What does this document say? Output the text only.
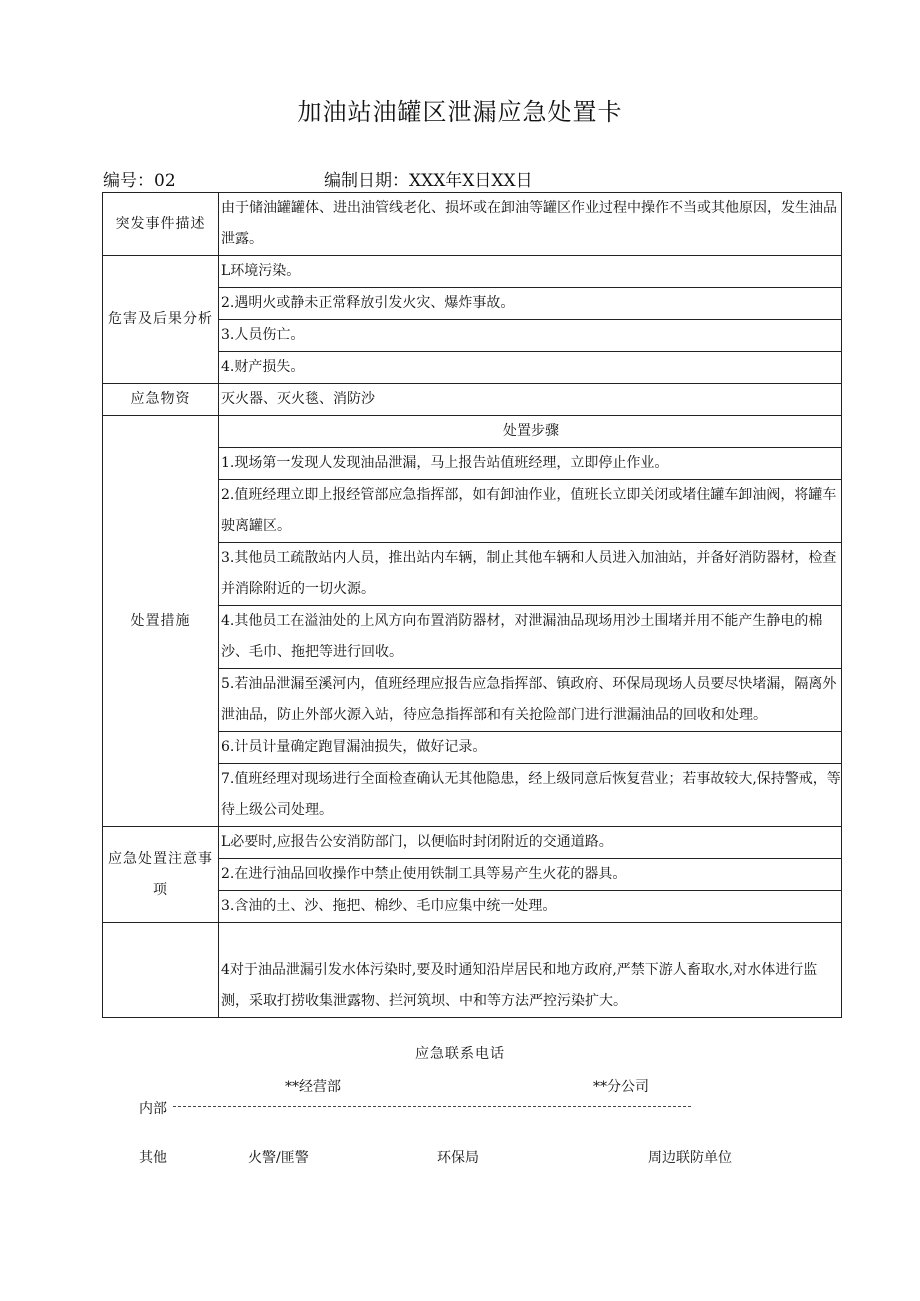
加油站油罐区泄漏应急处置卡
编号：02	编制日期：XXX年X日XX日
突发事件描述	由于储油罐罐体、进出油管线老化、损坏或在卸油等罐区作业过程中操作不当或其他原因，发生油品泄露。
危害及后果分析	L环境污染。
	2.遇明火或静未正常释放引发火灾、爆炸事故。
	3.人员伤亡。
	4.财产损失。
应急物资	灭火器、灭火毯、消防沙
处置措施	处置步骤
	1.现场第一发现人发现油品泄漏，马上报告站值班经理，立即停止作业。
	2.值班经理立即上报经管部应急指挥部，如有卸油作业，值班长立即关闭或堵住罐车卸油阀，将罐车驶离罐区。
	3.其他员工疏散站内人员，推出站内车辆，制止其他车辆和人员进入加油站，并备好消防器材，检查并消除附近的一切火源。
	4.其他员工在溢油处的上风方向布置消防器材，对泄漏油品现场用沙土围堵并用不能产生静电的棉沙、毛巾、拖把等进行回收。
	5.若油品泄漏至溪河内，值班经理应报告应急指挥部、镇政府、环保局现场人员要尽快堵漏，隔离外泄油品，防止外部火源入站，待应急指挥部和有关抢险部门进行泄漏油品的回收和处理。
	6.计员计量确定跑冒漏油损失，做好记录。
	7.值班经理对现场进行全面检查确认无其他隐患，经上级同意后恢复营业；若事故较大,保持警戒，等待上级公司处理。
应急处置注意事项	L必要时,应报告公安消防部门，以便临时封闭附近的交通道路。
	2.在进行油品回收操作中禁止使用铁制工具等易产生火花的器具。
	3.含油的土、沙、拖把、棉纱、毛巾应集中统一处理。
	4对于油品泄漏引发水体污染时,要及时通知沿岸居民和地方政府,严禁下游人畜取水,对水体进行监测，采取打捞收集泄露物、拦河筑坝、中和等方法严控污染扩大。
应急联系电话
**经营部	**分公司
内部
其他	火警/匪警	环保局	周边联防单位
